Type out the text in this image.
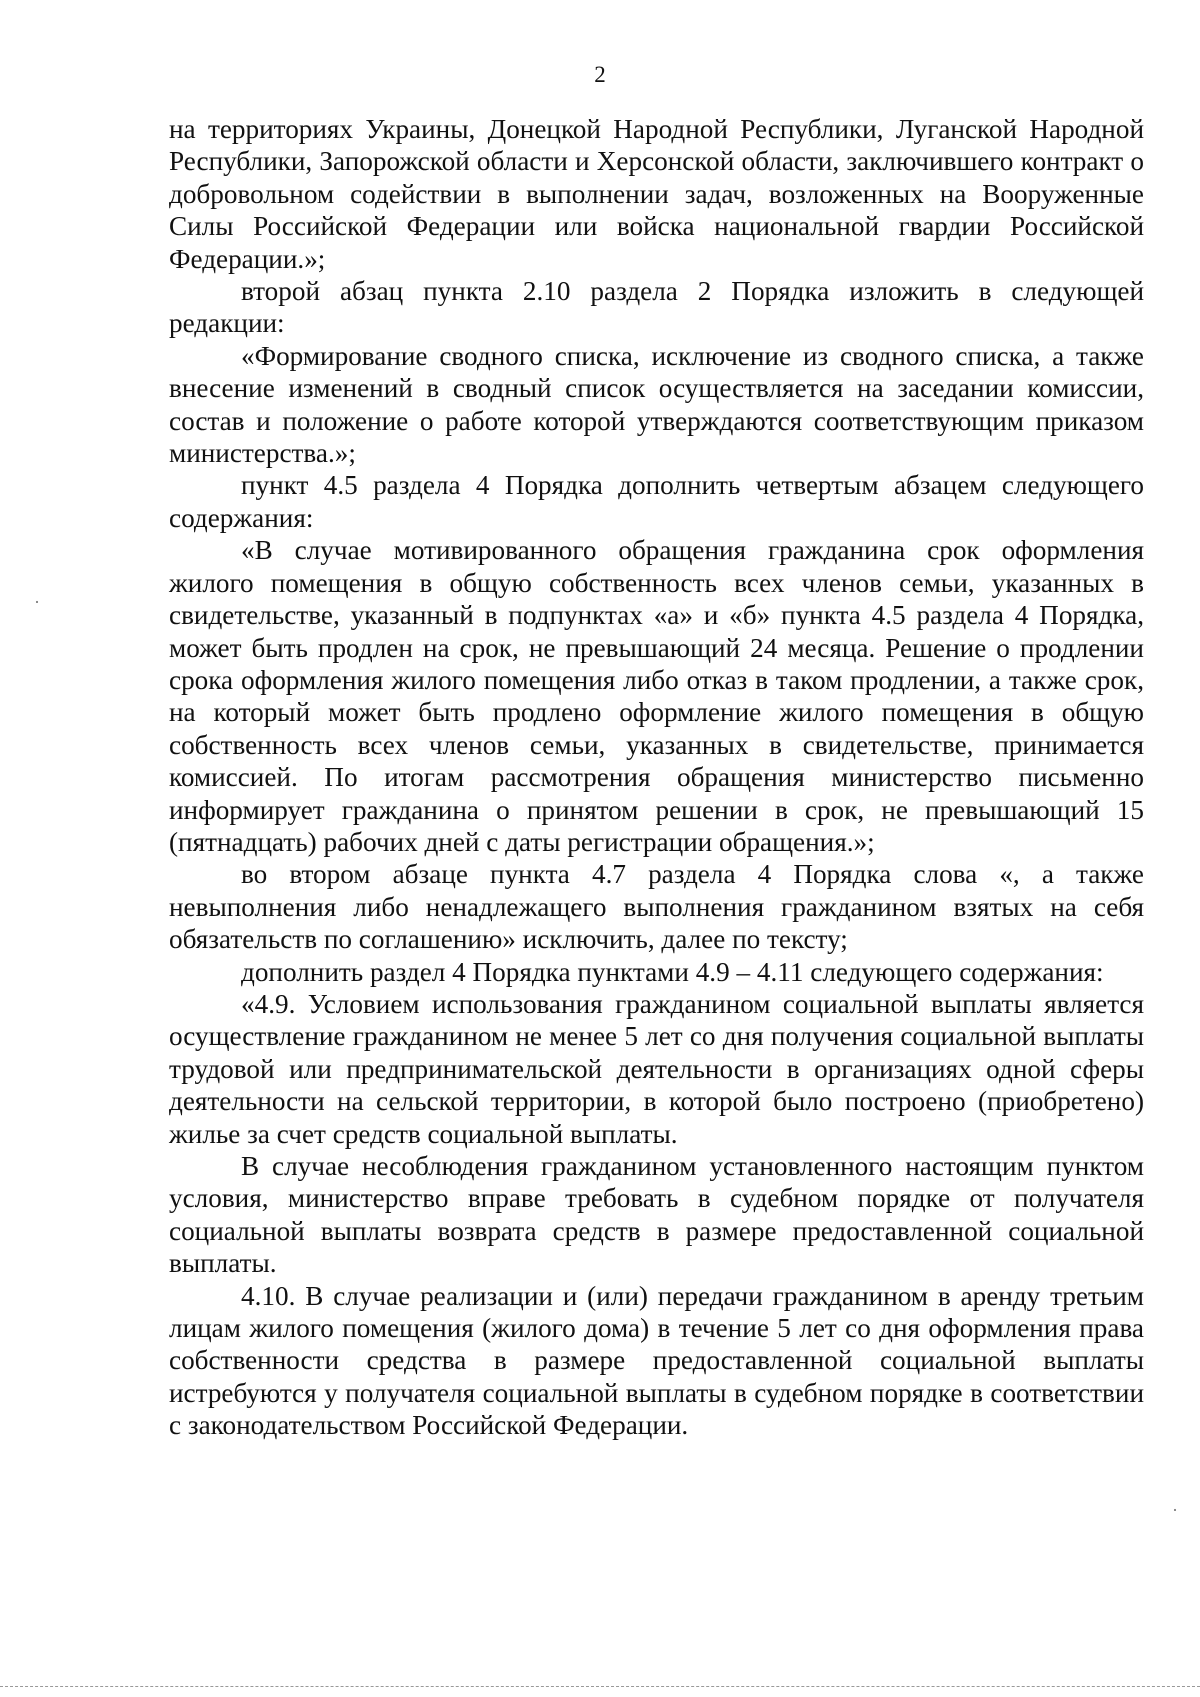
2

на территориях Украины, Донецкой Народной Республики, Луганской Народной Республики, Запорожской области и Херсонской области, заключившего контракт о добровольном содействии в выполнении задач, возложенных на Вооруженные Силы Российской Федерации или войска национальной гвардии Российской Федерации.»;

второй абзац пункта 2.10 раздела 2 Порядка изложить в следующей редакции:

«Формирование сводного списка, исключение из сводного списка, а также внесение изменений в сводный список осуществляется на заседании комиссии, состав и положение о работе которой утверждаются соответствующим приказом министерства.»;

пункт 4.5 раздела 4 Порядка дополнить четвертым абзацем следующего содержания:

«В случае мотивированного обращения гражданина срок оформления жилого помещения в общую собственность всех членов семьи, указанных в свидетельстве, указанный в подпунктах «а» и «б» пункта 4.5 раздела 4 Порядка, может быть продлен на срок, не превышающий 24 месяца. Решение о продлении срока оформления жилого помещения либо отказ в таком продлении, а также срок, на который может быть продлено оформление жилого помещения в общую собственность всех членов семьи, указанных в свидетельстве, принимается комиссией. По итогам рассмотрения обращения министерство письменно информирует гражданина о принятом решении в срок, не превышающий 15 (пятнадцать) рабочих дней с даты регистрации обращения.»;

во втором абзаце пункта 4.7 раздела 4 Порядка слова «, а также невыполнения либо ненадлежащего выполнения гражданином взятых на себя обязательств по соглашению» исключить, далее по тексту;

дополнить раздел 4 Порядка пунктами 4.9 – 4.11 следующего содержания:

«4.9. Условием использования гражданином социальной выплаты является осуществление гражданином не менее 5 лет со дня получения социальной выплаты трудовой или предпринимательской деятельности в организациях одной сферы деятельности на сельской территории, в которой было построено (приобретено) жилье за счет средств социальной выплаты.

В случае несоблюдения гражданином установленного настоящим пунктом условия, министерство вправе требовать в судебном порядке от получателя социальной выплаты возврата средств в размере предоставленной социальной выплаты.

4.10. В случае реализации и (или) передачи гражданином в аренду третьим лицам жилого помещения (жилого дома) в течение 5 лет со дня оформления права собственности средства в размере предоставленной социальной выплаты истребуются у получателя социальной выплаты в судебном порядке в соответствии с законодательством Российской Федерации.

·
·
